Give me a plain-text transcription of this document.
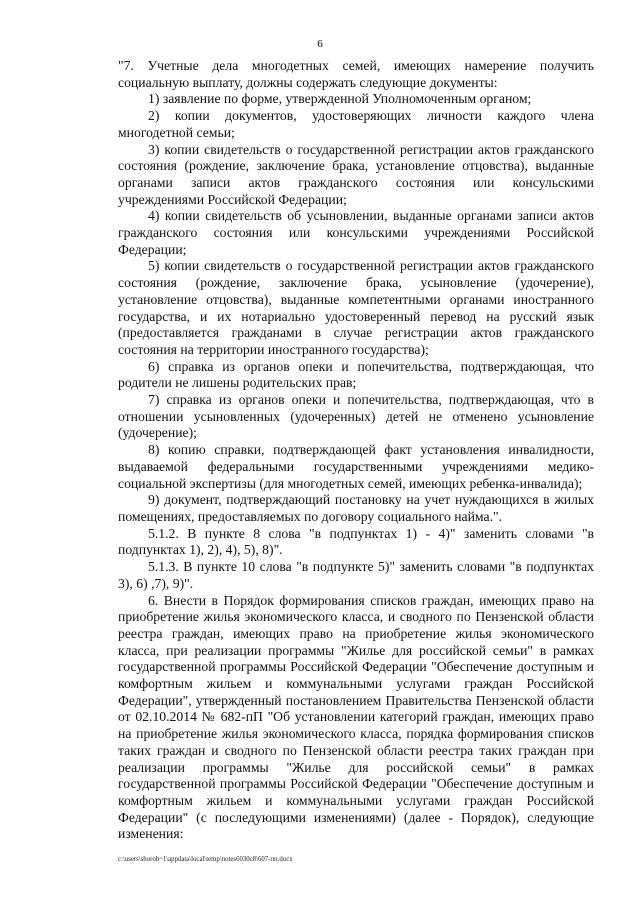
6

"7. Учетные дела многодетных семей, имеющих намерение получить социальную выплату, должны содержать следующие документы:

1) заявление по форме, утвержденной Уполномоченным органом;

2) копии документов, удостоверяющих личности каждого члена многодетной семьи;

3) копии свидетельств о государственной регистрации актов гражданского состояния (рождение, заключение брака, установление отцовства), выданные органами записи актов гражданского состояния или консульскими учреждениями Российской Федерации;

4) копии свидетельств об усыновлении, выданные органами записи актов гражданского состояния или консульскими учреждениями Российской Федерации;

5) копии свидетельств о государственной регистрации актов гражданского состояния (рождение, заключение брака, усыновление (удочерение), установление отцовства), выданные компетентными органами иностранного государства, и их нотариально удостоверенный перевод на русский язык (предоставляется гражданами в случае регистрации актов гражданского состояния на территории иностранного государства);

6) справка из органов опеки и попечительства, подтверждающая, что родители не лишены родительских прав;

7) справка из органов опеки и попечительства, подтверждающая, что в отношении усыновленных (удочеренных) детей не отменено усыновление (удочерение);

8) копию справки, подтверждающей факт установления инвалидности, выдаваемой федеральными государственными учреждениями медико-социальной экспертизы (для многодетных семей, имеющих ребенка-инвалида);

9) документ, подтверждающий постановку на учет нуждающихся в жилых помещениях, предоставляемых по договору социального найма.".

5.1.2. В пункте 8 слова "в подпунктах 1) - 4)" заменить словами "в подпунктах 1), 2), 4), 5), 8)".

5.1.3. В пункте 10 слова "в подпункте 5)" заменить словами "в подпунктах 3), 6) ,7), 9)".

6. Внести в Порядок формирования списков граждан, имеющих право на приобретение жилья экономического класса, и сводного по Пензенской области реестра граждан, имеющих право на приобретение жилья экономического класса, при реализации программы "Жилье для российской семьи" в рамках государственной программы Российской Федерации "Обеспечение доступным и комфортным жильем и коммунальными услугами граждан Российской Федерации", утвержденный постановлением Правительства Пензенской области от 02.10.2014 № 682-пП "Об установлении категорий граждан, имеющих право на приобретение жилья экономического класса, порядка формирования списков таких граждан и сводного по Пензенской области реестра таких граждан при реализации программы "Жилье для российской семьи" в рамках государственной программы Российской Федерации "Обеспечение доступным и комфортным жильем и коммунальными услугами граждан Российской Федерации" (с последующими изменениями) (далее - Порядок), следующие изменения:

c:\users\shorob~1\appdata\local\temp\notes6030c8\607-пп.docx
